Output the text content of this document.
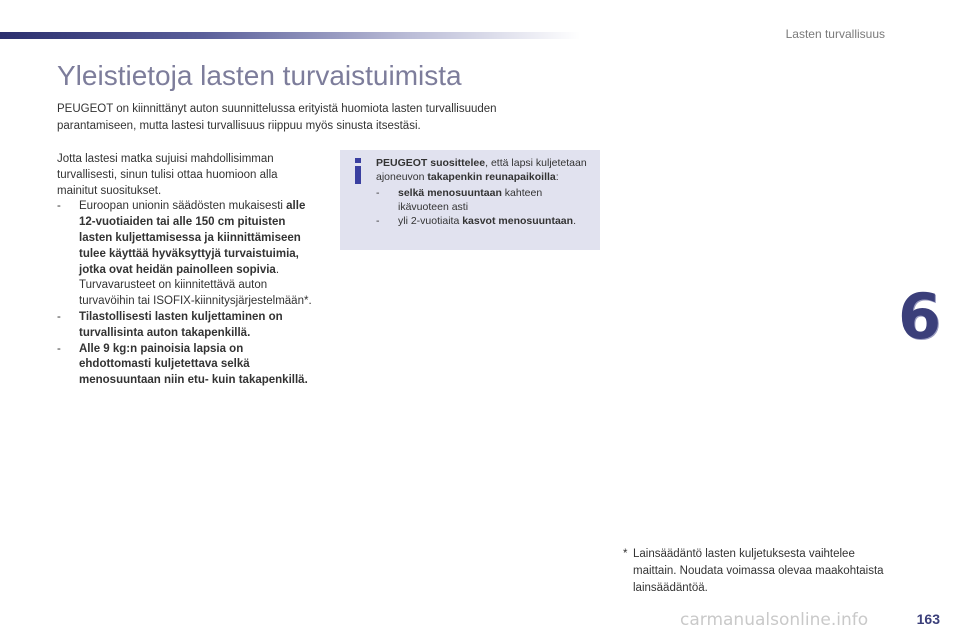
Lasten turvallisuus
Yleistietoja lasten turvaistuimista
PEUGEOT on kiinnittänyt auton suunnittelussa erityistä huomiota lasten turvallisuuden parantamiseen, mutta lastesi turvallisuus riippuu myös sinusta itsestäsi.

Jotta lastesi matka sujuisi mahdollisimman turvallisesti, sinun tulisi ottaa huomioon alla mainitut suositukset.

- Euroopan unionin säädösten mukaisesti alle 12-vuotiaiden tai alle 150 cm pituisten lasten kuljettamisessa ja kiinnittämiseen tulee käyttää hyväksyttyjä turvaistuimia, jotka ovat heidän painolleen sopivia. Turvavarusteet on kiinnitettävä auton turvavöihin tai ISOFIX-kiinnitysjärjestelmään*.
- Tilastollisesti lasten kuljettaminen on turvallisinta auton takapenkillä.
- Alle 9 kg:n painoisia lapsia on ehdottomasti kuljetettava selkä menosuuntaan niin etu- kuin takapenkillä.

PEUGEOT suosittelee, että lapsi kuljetetaan ajoneuvon takapenkin reunapaikoilla:

- selkä menosuuntaan kahteen ikävuoteen asti
- yli 2-vuotiaita kasvot menosuuntaan.
6
* Lainsäädäntö lasten kuljetuksesta vaihtelee maittain. Noudata voimassa olevaa maakohtaista lainsäädäntöä.
carmanualsonline.info	163
